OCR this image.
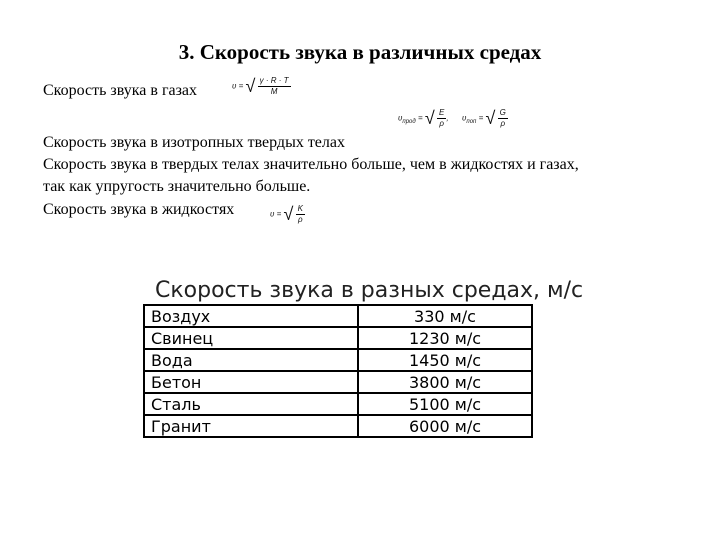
3. Скорость звука в различных средах
Скорость звука в газах	υ = √ $\frac{\gamma \cdot R \cdot T}{M}$
Скорость звука в изотропных твердых телах
$\upsilon_{прод}$ = √ $\frac{E}{\rho}$ , $\upsilon_{поп}$ = √ $\frac{G}{\rho}$
Скорость звука в твердых телах значительно больше, чем в жидкостях и газах,
так как упругость значительно больше.
Скорость звука в жидкостях	υ = √ $\frac{K}{\rho}$
Скорость звука в разных средах, м/с
Воздух	330 м/с
Свинец	1230 м/с
Вода	1450 м/с
Бетон	3800 м/с
Сталь	5100 м/с
Гранит	6000 м/с
